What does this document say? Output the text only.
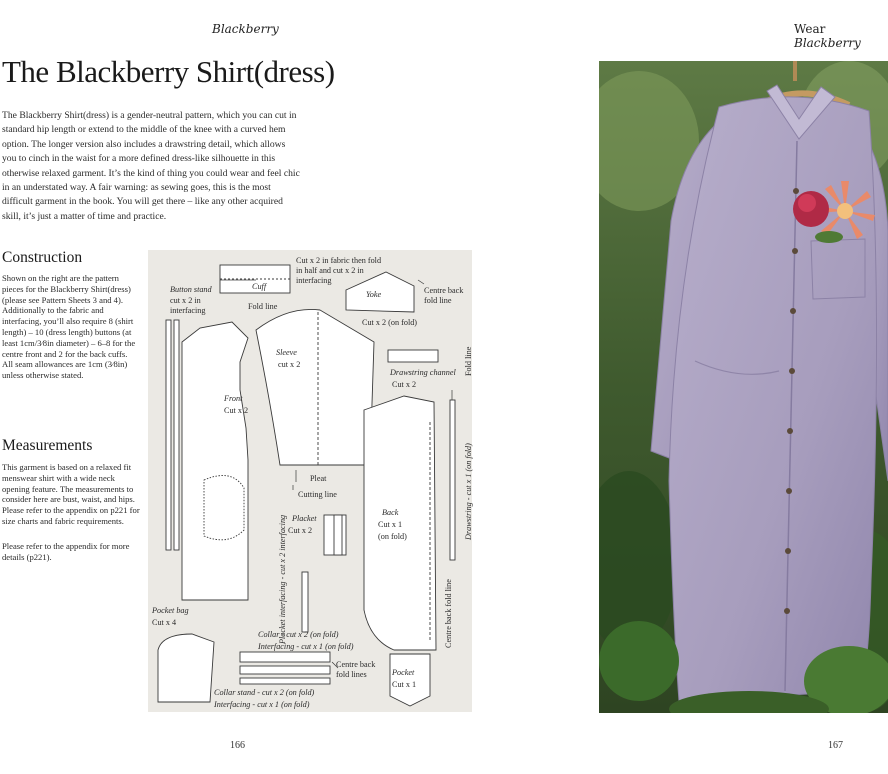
Blackberry	Wear Blackberry
The Blackberry Shirt(dress)

The Blackberry Shirt(dress) is a gender-neutral pattern, which you can cut in standard hip length or extend to the middle of the knee with a curved hem option. The longer version also includes a drawstring detail, which allows you to cinch in the waist for a more defined dress-like silhouette in this otherwise relaxed garment. It’s the kind of thing you could wear and feel chic in an understated way. A fair warning: as sewing goes, this is the most difficult garment in the book. You will get there – like any other acquired skill, it’s just a matter of time and practice.

Construction

Shown on the right are the pattern pieces for the Blackberry Shirt(dress) (please see Pattern Sheets 3 and 4).

Additionally to the fabric and interfacing, you’ll also require 8 (shirt length) – 10 (dress length) buttons (at least 1cm/3⁄8in diameter) – 6–8 for the centre front and 2 for the back cuffs.

All seam allowances are 1cm (3⁄8in) unless otherwise stated.

Measurements

This garment is based on a relaxed fit menswear shirt with a wide neck opening feature. The measurements to consider here are bust, waist, and hips.

Please refer to the appendix on p221 for size charts and fabric requirements.

Please refer to the appendix for more details (p221).

Button stand
cut x 2 in interfacing
Cuff
Fold line
Cut x 2 in fabric then fold in half and cut x 2 in interfacing
Yoke	Centre back fold line
Cut x 2 (on fold)
Sleeve
cut x 2
Drawstring channel
Cut x 2
Front
Cut x 2
Fold line
Drawstring - cut x 1 (on fold)
Pleat
Cutting line
Placket
Cut x 2
Back
Cut x 1
(on fold)
Placket interfacing - cut x 2 interfacing	Centre back fold line
Pocket bag
Cut x 4
Collar - cut x 2 (on fold)
Interfacing - cut x 1 (on fold)
Centre back fold lines	Pocket
Cut x 1
Collar stand - cut x 2 (on fold)
Interfacing - cut x 1 (on fold)
166	167
